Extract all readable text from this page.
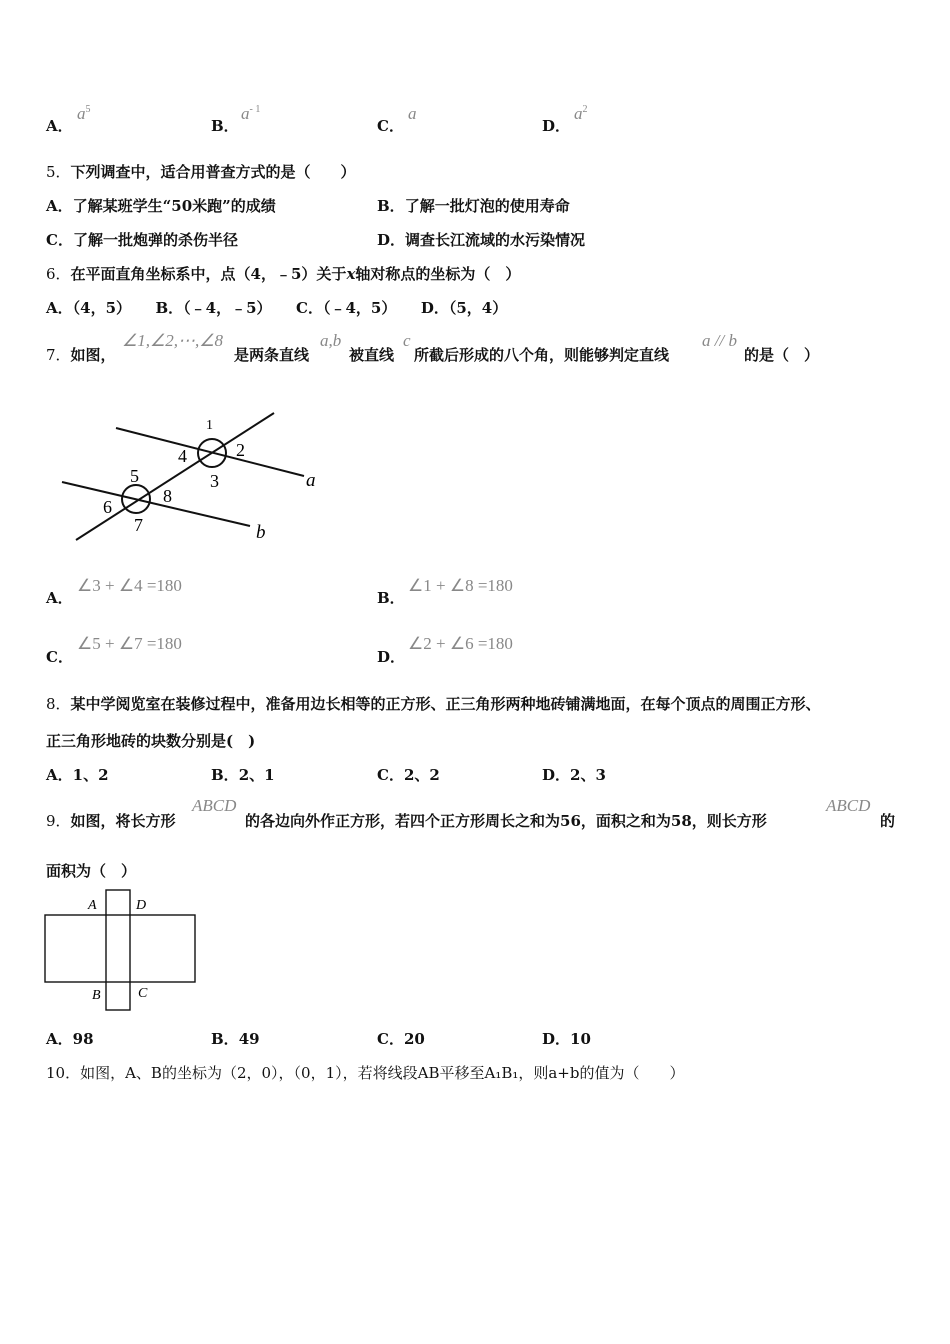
A．
$a^5$
B．
$a^{- 1}$
C．
a
D．
$a^2$
5．下列调查中，适合用普查方式的是（　　）
A．了解某班学生“50米跑”的成绩	B．了解一批灯泡的使用寿命
C．了解一批炮弹的杀伤半径	D．调查长江流域的水污染情况
6．在平面直角坐标系中，点（4，﹣5）关于x轴对称点的坐标为（　）
A．（4，5） B．（﹣4，﹣5） C．（﹣4，5） D．（5，4）
7．如图，
∠1,∠2,⋯,∠8
是两条直线
a,b
被直线
c
所截后形成的八个角，则能够判定直线
a // b
的是（　）
1
2
3
4
5
6
7
8
a
b
A．
∠3 + ∠4 =180
B．
∠1 + ∠8 =180
C．
∠5 + ∠7 =180
D．
∠2 + ∠6 =180
8．某中学阅览室在装修过程中，准备用边长相等的正方形、正三角形两种地砖铺满地面，在每个顶点的周围正方形、
正三角形地砖的块数分别是(　)
A．1、2	B．2、1	C．2、2	D．2、3
9．如图，将长方形
ABCD
的各边向外作正方形，若四个正方形周长之和为56，面积之和为58，则长方形
ABCD
的
面积为（　）
A	D
B	C
A．98	B．49	C．20	D．10
10．如图，A、B的坐标为（2，0），（0，1），若将线段AB平移至A₁B₁，则a+b的值为（　　）
